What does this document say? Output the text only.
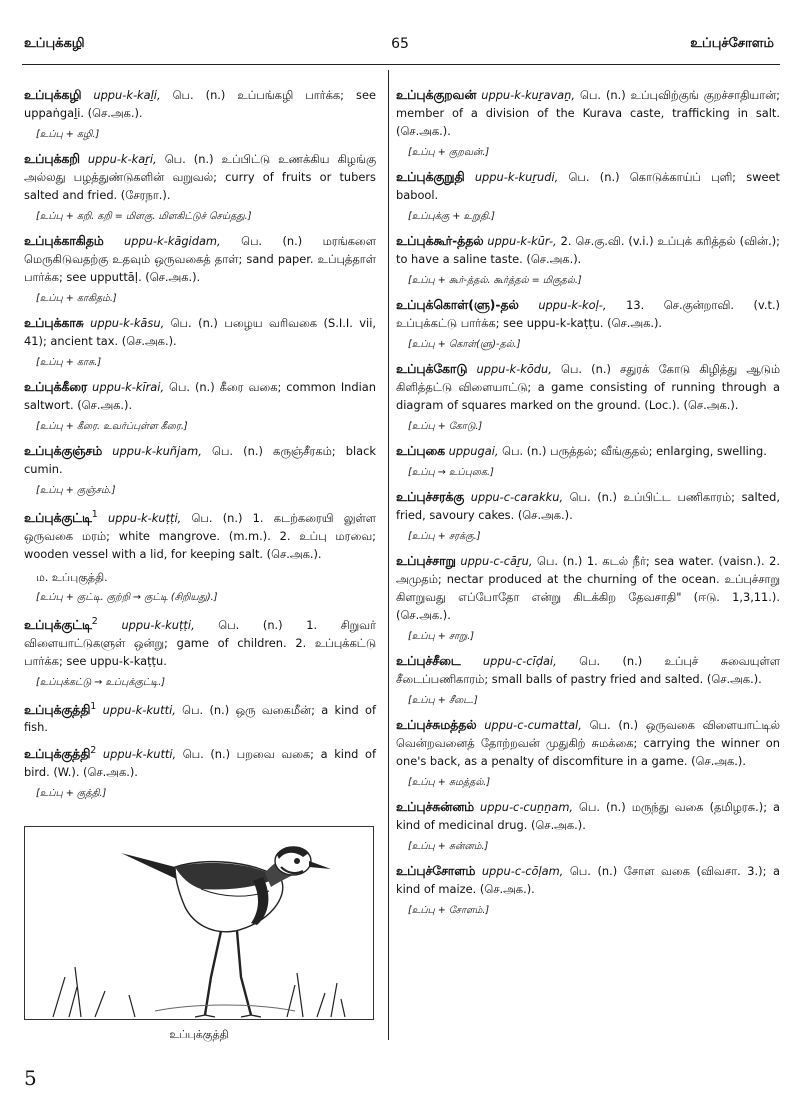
உப்புக்கழி	65	உப்புச்சோளம்
உப்புக்கழி uppu-k-kaḻi, பெ. (n.) உப்பங்கழி பார்க்க; see uppaṅgaḻi. (செ.அக.).
[உப்பு + கழி.]
உப்புக்கறி uppu-k-kaṟi, பெ. (n.) உப்பிட்டு உணக்கிய கிழங்கு அல்லது பழத்துண்டுகளின் வறுவல்; curry of fruits or tubers salted and fried. (சேரநா.).
[உப்பு + கறி. கறி = மிளகு. மிளகிட்டுச் செய்தது.]
உப்புக்காகிதம் uppu-k-kāgidam, பெ. (n.) மரங்களை மெருகிடுவதற்கு உதவும் ஒருவகைத் தாள்; sand paper. உப்புத்தாள் பார்க்க; see upputtāḷ. (செ.அக.).
[உப்பு + காகிதம்.]
உப்புக்காசு uppu-k-kāsu, பெ. (n.) பழைய வரிவகை (S.I.I. vii, 41); ancient tax. (செ.அக.).
[உப்பு + காசு.]
உப்புக்கீரை uppu-k-kīrai, பெ. (n.) கீரை வகை; common Indian saltwort. (செ.அக.).
[உப்பு + கீரை. உவர்ப்புள்ள கீரை.]
உப்புக்குஞ்சம் uppu-k-kuñjam, பெ. (n.) கருஞ்சீரகம்; black cumin.
[உப்பு + குஞ்சம்.]
உப்புக்குட்டி$^1$ uppu-k-kuṭṭi, பெ. (n.) 1. கடற்கரையி லுள்ள ஒருவகை மரம்; white mangrove. (m.m.). 2. உப்பு மரவை; wooden vessel with a lid, for keeping salt. (செ.அக.).
ம. உப்புகுத்தி.
[உப்பு + குட்டி. குற்றி → குட்டி (சிறியது).]
உப்புக்குட்டி$^2$ uppu-k-kuṭṭi, பெ. (n.) 1. சிறுவர் விளையாட்டுகளுள் ஒன்று; game of children. 2. உப்புக்கட்டு பார்க்க; see uppu-k-kaṭṭu.
[உப்புக்கட்டு → உப்புக்குட்டி.]
உப்புக்குத்தி$^1$ uppu-k-kutti, பெ. (n.) ஒரு வகைமீன்; a kind of fish.
உப்புக்குத்தி$^2$ uppu-k-kutti, பெ. (n.) பறவை வகை; a kind of bird. (W.). (செ.அக.).
[உப்பு + குத்தி.]
உப்புக்குறவன் uppu-k-kuṟavaṉ, பெ. (n.) உப்புவிற்குங் குறச்சாதியான்; member of a division of the Kurava caste, trafficking in salt. (செ.அக.).
[உப்பு + குறவன்.]
உப்புக்குறுதி uppu-k-kuṟudi, பெ. (n.) கொடுக்காய்ப் புளி; sweet babool.
[உப்புக்கு + உறுதி.]
உப்புக்கூர்-த்தல் uppu-k-kūr-, 2. செ.கு.வி. (v.i.) உப்புக் கரித்தல் (வின்.); to have a saline taste. (செ.அக.).
[உப்பு + கூர்-த்தல். கூர்த்தல் = மிகுதல்.]
உப்புக்கொள்(ளு)-தல் uppu-k-koḷ-, 13. செ.குன்றாவி. (v.t.) உப்புக்கட்டு பார்க்க; see uppu-k-kaṭṭu. (செ.அக.).
[உப்பு + கொள்(ளு)-தல்.]
உப்புக்கோடு uppu-k-kōdu, பெ. (n.) சதுரக் கோடு கிழித்து ஆடும் கிளித்தட்டு விளையாட்டு; a game consisting of running through a diagram of squares marked on the ground. (Loc.). (செ.அக.).
[உப்பு + கோடு.]
உப்புகை uppugai, பெ. (n.) பருத்தல்; வீங்குதல்; enlarging, swelling.
[உப்பு → உப்புகை.]
உப்புச்சரக்கு uppu-c-carakku, பெ. (n.) உப்பிட்ட பணிகாரம்; salted, fried, savoury cakes. (செ.அக.).
[உப்பு + சரக்கு.]
உப்புச்சாறு uppu-c-cāṟu, பெ. (n.) 1. கடல் நீர்; sea water. (vaisn.). 2. அமுதம்; nectar produced at the churning of the ocean. உப்புச்சாறு கிளறுவது எப்போதோ என்று கிடக்கிற தேவசாதி" (ஈடு. 1,3,11.). (செ.அக.).
[உப்பு + சாறு.]
உப்புச்சீடை uppu-c-cīḍai, பெ. (n.) உப்புச் சுவையுள்ள சீடைப்பணிகாரம்; small balls of pastry fried and salted. (செ.அக.).
[உப்பு + சீடை.]
உப்புச்சுமத்தல் uppu-c-cumattal, பெ. (n.) ஒருவகை விளையாட்டில் வென்றவனைத் தோற்றவன் முதுகிற் சுமக்கை; carrying the winner on one's back, as a penalty of discomfiture in a game. (செ.அக.).
[உப்பு + சுமத்தல்.]
உப்புச்சுன்னம் uppu-c-cuṉṉam, பெ. (n.) மருந்து வகை (தமிழரசு.); a kind of medicinal drug. (செ.அக.).
[உப்பு + சுன்னம்.]
உப்புச்சோளம் uppu-c-cōḷam, பெ. (n.) சோள வகை (விவசா. 3.); a kind of maize. (செ.அக.).
[உப்பு + சோளம்.]
உப்புக்குத்தி
5
